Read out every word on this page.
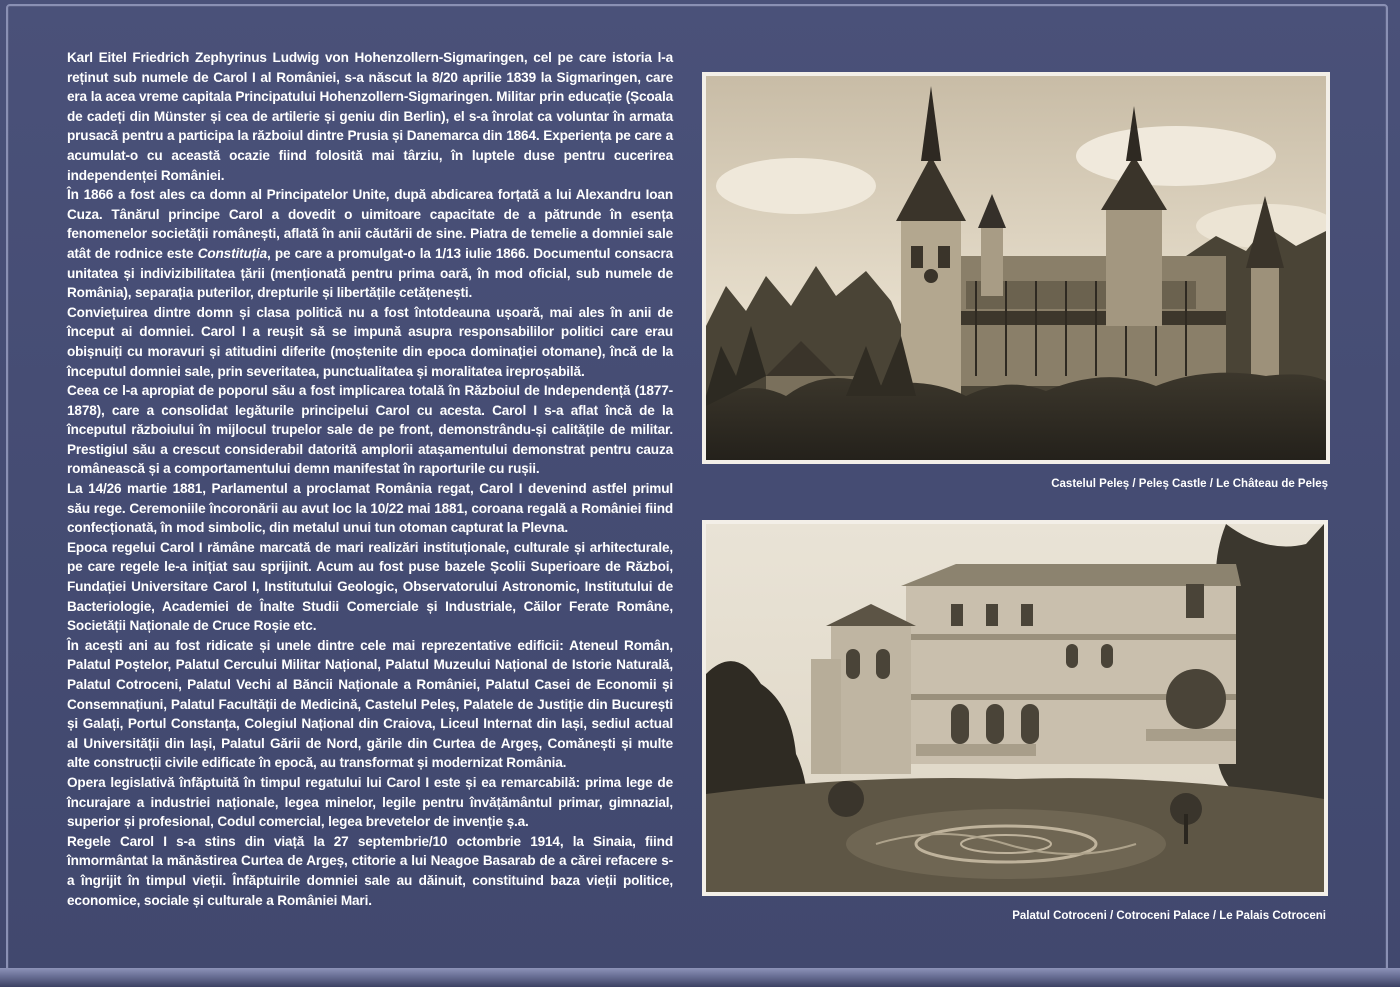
Karl Eitel Friedrich Zephyrinus Ludwig von Hohenzollern-Sigmaringen, cel pe care istoria l-a reținut sub numele de Carol I al României, s-a născut la 8/20 aprilie 1839 la Sigmaringen, care era la acea vreme capitala Principatului Hohenzollern-Sigmaringen. Militar prin educație (Școala de cadeți din Münster și cea de artilerie și geniu din Berlin), el s-a înrolat ca voluntar în armata prusacă pentru a participa la războiul dintre Prusia și Danemarca din 1864. Experiența pe care a acumulat-o cu această ocazie fiind folosită mai târziu, în luptele duse pentru cucerirea independenței României.

În 1866 a fost ales ca domn al Principatelor Unite, după abdicarea forțată a lui Alexandru Ioan Cuza. Tânărul principe Carol a dovedit o uimitoare capacitate de a pătrunde în esența fenomenelor societății românești, aflată în anii căutării de sine. Piatra de temelie a domniei sale atât de rodnice este Constituția, pe care a promulgat-o la 1/13 iulie 1866. Documentul consacra unitatea și indivizibilitatea țării (menționată pentru prima oară, în mod oficial, sub numele de România), separația puterilor, drepturile și libertățile cetățenești.

Conviețuirea dintre domn și clasa politică nu a fost întotdeauna ușoară, mai ales în anii de început ai domniei. Carol I a reușit să se impună asupra responsabililor politici care erau obișnuiți cu moravuri și atitudini diferite (moștenite din epoca dominației otomane), încă de la începutul domniei sale, prin severitatea, punctualitatea și moralitatea ireproșabilă.

Ceea ce l-a apropiat de poporul său a fost implicarea totală în Războiul de Independență (1877-1878), care a consolidat legăturile principelui Carol cu acesta. Carol I s-a aflat încă de la începutul războiului în mijlocul trupelor sale de pe front, demonstrându-și calitățile de militar. Prestigiul său a crescut considerabil datorită amplorii atașamentului demonstrat pentru cauza românească și a comportamentului demn manifestat în raporturile cu rușii.

La 14/26 martie 1881, Parlamentul a proclamat România regat, Carol I devenind astfel primul său rege. Ceremoniile încoronării au avut loc la 10/22 mai 1881, coroana regală a României fiind confecționată, în mod simbolic, din metalul unui tun otoman capturat la Plevna.

Epoca regelui Carol I rămâne marcată de mari realizări instituționale, culturale și arhitecturale, pe care regele le-a inițiat sau sprijinit. Acum au fost puse bazele Școlii Superioare de Război, Fundației Universitare Carol I, Institutului Geologic, Observatorului Astronomic, Institutului de Bacteriologie, Academiei de Înalte Studii Comerciale și Industriale, Căilor Ferate Române, Societății Naționale de Cruce Roșie etc.

În acești ani au fost ridicate și unele dintre cele mai reprezentative edificii: Ateneul Român, Palatul Poștelor, Palatul Cercului Militar Național, Palatul Muzeului Național de Istorie Naturală, Palatul Cotroceni, Palatul Vechi al Băncii Naționale a României, Palatul Casei de Economii și Consemnațiuni, Palatul Facultății de Medicină, Castelul Peleș, Palatele de Justiție din București și Galați, Portul Constanța, Colegiul Național din Craiova, Liceul Internat din Iași, sediul actual al Universității din Iași, Palatul Gării de Nord, gările din Curtea de Argeș, Comănești și multe alte construcții civile edificate în epocă, au transformat și modernizat România.

Opera legislativă înfăptuită în timpul regatului lui Carol I este și ea remarcabilă: prima lege de încurajare a industriei naționale, legea minelor, legile pentru învățământul primar, gimnazial, superior și profesional, Codul comercial, legea brevetelor de invenție ș.a.

Regele Carol I s-a stins din viață la 27 septembrie/10 octombrie 1914, la Sinaia, fiind înmormântat la mănăstirea Curtea de Argeș, ctitorie a lui Neagoe Basarab de a cărei refacere s-a îngrijit în timpul vieții. Înfăptuirile domniei sale au dăinuit, constituind baza vieții politice, economice, sociale și culturale a României Mari.

Castelul Peleș / Peleș Castle / Le Château de Peleș
Palatul Cotroceni / Cotroceni Palace / Le Palais Cotroceni
